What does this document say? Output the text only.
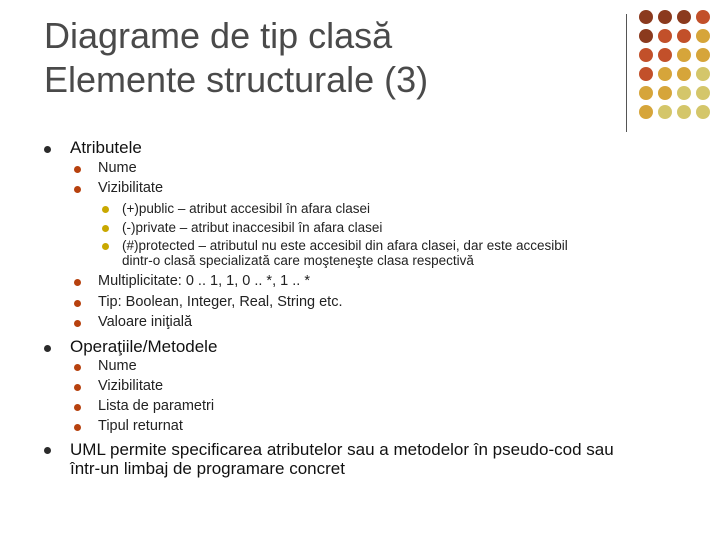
Diagrame de tip clasă
Elemente structurale (3)
Atributele
Nume
Vizibilitate
(+)public – atribut accesibil în afara clasei
(-)private – atribut inaccesibil în afara clasei
(#)protected – atributul nu este accesibil din afara clasei, dar este accesibil
dintr-o clasă specializată care moşteneşte clasa respectivă
Multiplicitate: 0 .. 1, 1, 0 .. *, 1 .. *
Tip: Boolean, Integer, Real, String etc.
Valoare iniţială
Operaţiile/Metodele
Nume
Vizibilitate
Lista de parametri
Tipul returnat
UML permite specificarea atributelor sau a metodelor în pseudo-cod sau
într-un limbaj de programare concret
